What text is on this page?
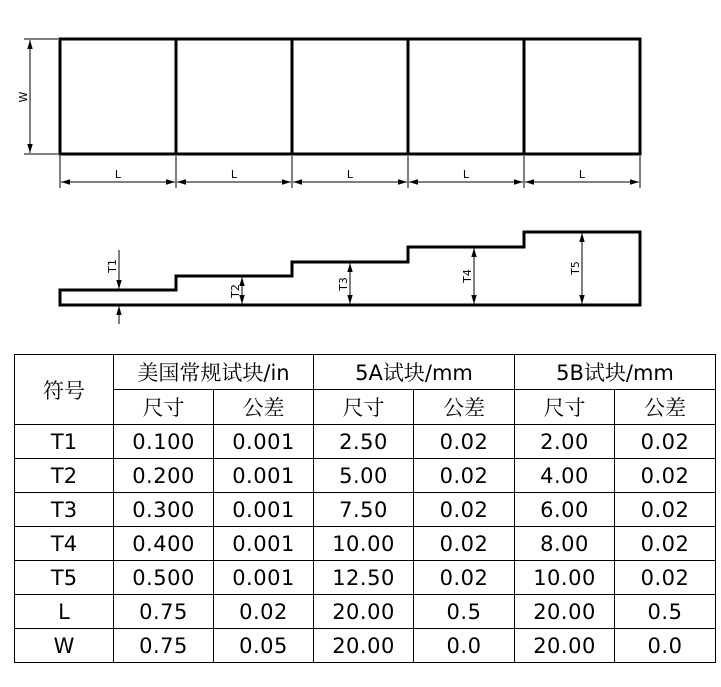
W
L	L	L	L	L
T1
T2
T3
T4
T5
符号	美国常规试块/in		5A试块/mm		5B试块/mm	
	尺寸	公差	尺寸	公差	尺寸	公差
T1	0.100	0.001	2.50	0.02	2.00	0.02
T2	0.200	0.001	5.00	0.02	4.00	0.02
T3	0.300	0.001	7.50	0.02	6.00	0.02
T4	0.400	0.001	10.00	0.02	8.00	0.02
T5	0.500	0.001	12.50	0.02	10.00	0.02
L	0.75	0.02	20.00	0.5	20.00	0.5
W	0.75	0.05	20.00	0.0	20.00	0.0
